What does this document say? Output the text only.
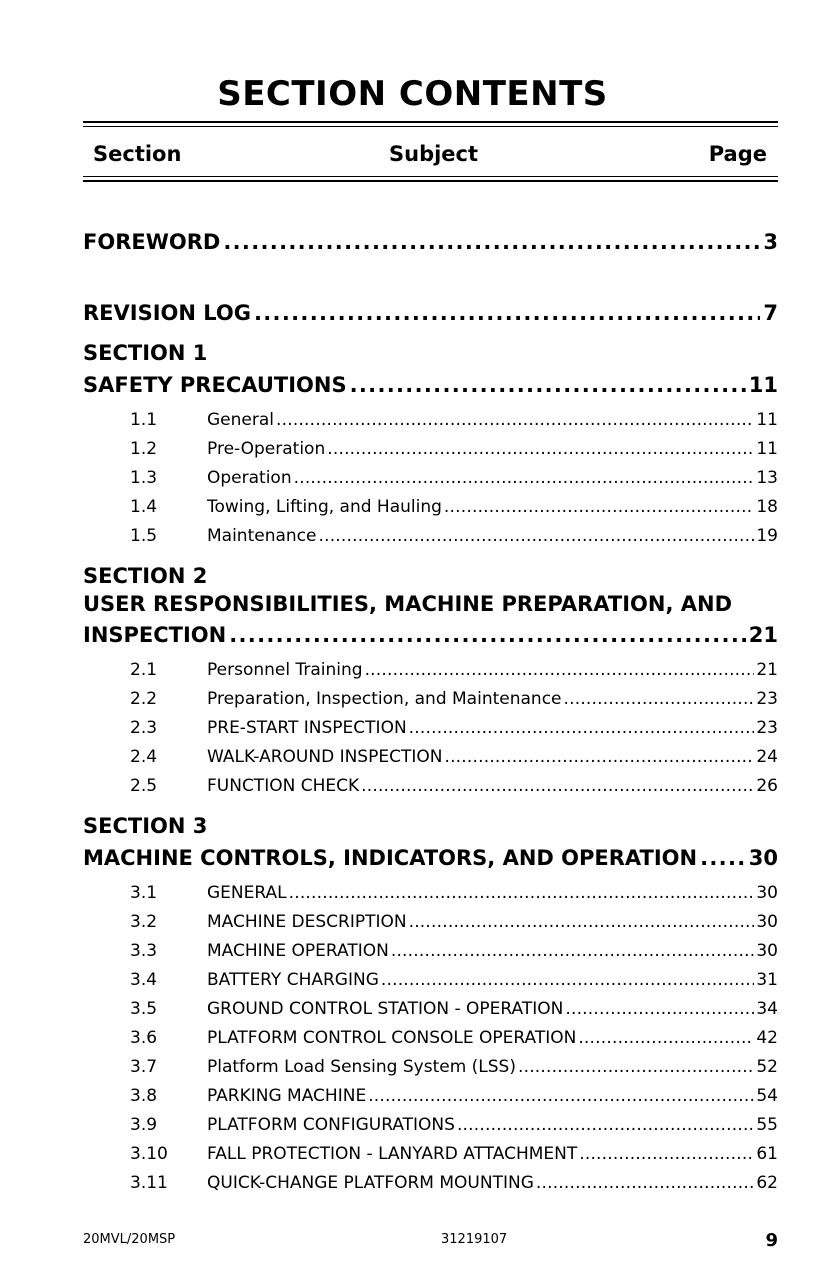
SECTION CONTENTS
Section	Subject	Page
FOREWORD . . .	3
REVISION LOG . . .	7
SECTION 1
SAFETY PRECAUTIONS . . .	11
1.1	General . . .	11
1.2	Pre-Operation . . .	11
1.3	Operation . . .	13
1.4	Towing, Lifting, and Hauling . . .	18
1.5	Maintenance . . .	19
SECTION 2
USER RESPONSIBILITIES, MACHINE PREPARATION, AND
INSPECTION . . .	21
2.1	Personnel Training . . .	21
2.2	Preparation, Inspection, and Maintenance . . .	23
2.3	PRE-START INSPECTION . . .	23
2.4	WALK-AROUND INSPECTION . . .	24
2.5	FUNCTION CHECK . . .	26
SECTION 3
MACHINE CONTROLS, INDICATORS, AND OPERATION . . . 30
3.1	GENERAL . . .	30
3.2	MACHINE DESCRIPTION . . .	30
3.3	MACHINE OPERATION . . .	30
3.4	BATTERY CHARGING . . .	31
3.5	GROUND CONTROL STATION - OPERATION . . .	34
3.6	PLATFORM CONTROL CONSOLE OPERATION . . .	42
3.7	Platform Load Sensing System (LSS) . . .	52
3.8	PARKING MACHINE . . .	54
3.9	PLATFORM CONFIGURATIONS . . .	55
3.10	FALL PROTECTION - LANYARD ATTACHMENT . . .	61
3.11	QUICK-CHANGE PLATFORM MOUNTING . . .	62
20MVL/20MSP	31219107	9
